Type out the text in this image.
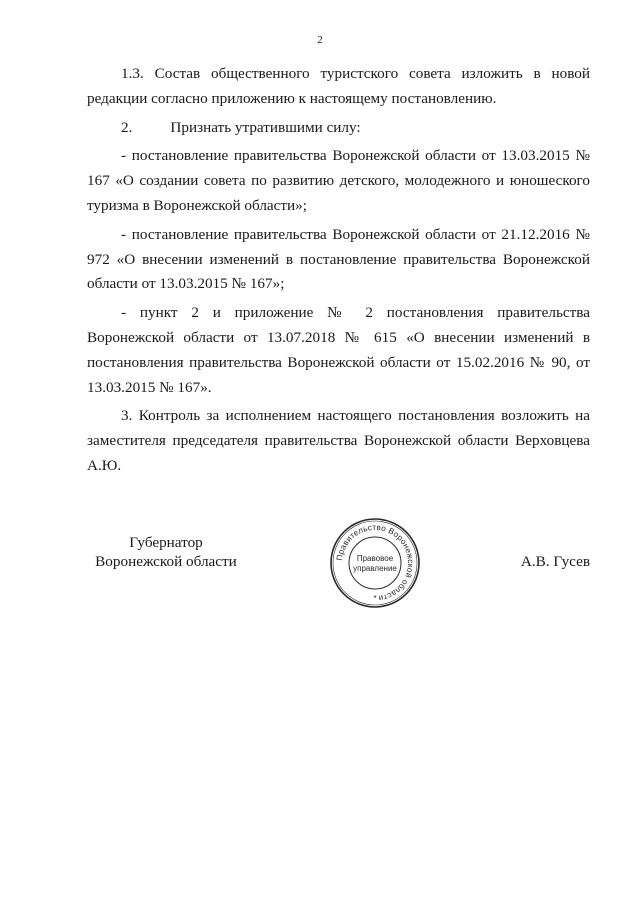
2

1.3. Состав общественного туристского совета изложить в новой редакции согласно приложению к настоящему постановлению.

2.	Признать утратившими силу:

- постановление правительства Воронежской области от 13.03.2015 № 167 «О создании совета по развитию детского, молодежного и юношеского туризма в Воронежской области»;

- постановление правительства Воронежской области от 21.12.2016 № 972 «О внесении изменений в постановление правительства Воронежской области от 13.03.2015 № 167»;

- пункт 2 и приложение № 2 постановления правительства Воронежской области от 13.07.2018 № 615 «О внесении изменений в постановления правительства Воронежской области от 15.02.2016 № 90, от 13.03.2015 № 167».

3. Контроль за исполнением настоящего постановления возложить на заместителя председателя правительства Воронежской области Верховцева А.Ю.

Губернатор
Воронежской области	Правительство Воронежской области
Правовое
управление
*
А.В. Гусев
